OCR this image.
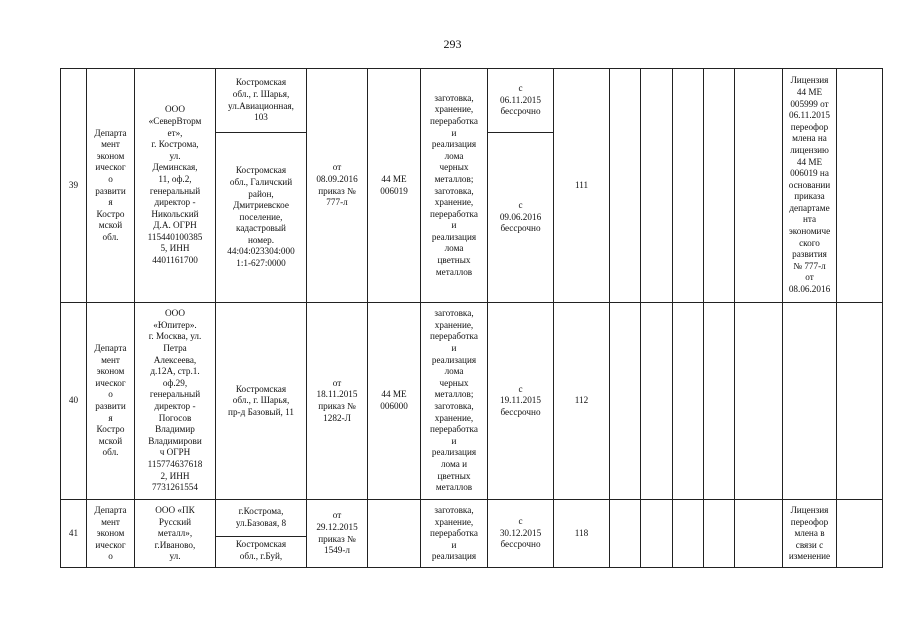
293
39
Департа
мент
эконом
ическог
о
развити
я
Костро
мской
обл.
ООО
«СеверВторм
ет»,
г. Кострома,
ул.
Деминская,
11, оф.2,
генеральный
директор -
Никольский
Д.А. ОГРН
115440100385
5, ИНН
4401161700
Костромская
обл., г. Шарья,
ул.Авиационная,
103
Костромская
обл., Галичский
район,
Дмитриевское
поселение,
кадастровый
номер.
44:04:023304:000
1:1-627:0000
от
08.09.2016
приказ №
777-л
44 МЕ
006019
заготовка,
хранение,
переработка
и
реализация
лома
черных
металлов;
заготовка,
хранение,
переработка
и
реализация
лома
цветных
металлов
с
06.11.2015
бессрочно
с
09.06.2016
бессрочно
111
Лицензия
44 МЕ
005999 от
06.11.2015
переофор
млена на
лицензию
44 МЕ
006019 на
основании
приказа
департаме
нта
экономиче
ского
развития
№ 777-л
от
08.06.2016
40
Департа
мент
эконом
ическог
о
развити
я
Костро
мской
обл.
ООО
«Юпитер».
г. Москва, ул.
Петра
Алексеева,
д.12А, стр.1.
оф.29,
генеральный
директор -
Погосов
Владимир
Владимирови
ч ОГРН
115774637618
2, ИНН
7731261554
Костромская
обл., г. Шарья,
пр-д Базовый, 11
от
18.11.2015
приказ №
1282-Л
44 МЕ
006000
заготовка,
хранение,
переработка
и
реализация
лома
черных
металлов;
заготовка,
хранение,
переработка
и
реализация
лома и
цветных
металлов
с
19.11.2015
бессрочно
112
41
Департа
мент
эконом
ическог
о
ООО «ПК
Русский
металл»,
г.Иваново,
ул.
г.Кострома,
ул.Базовая, 8
Костромская
обл., г.Буй,
от
29.12.2015
приказ №
1549-л
заготовка,
хранение,
переработка
и
реализация
с
30.12.2015
бессрочно
118
Лицензия
переофор
млена в
связи с
изменение
